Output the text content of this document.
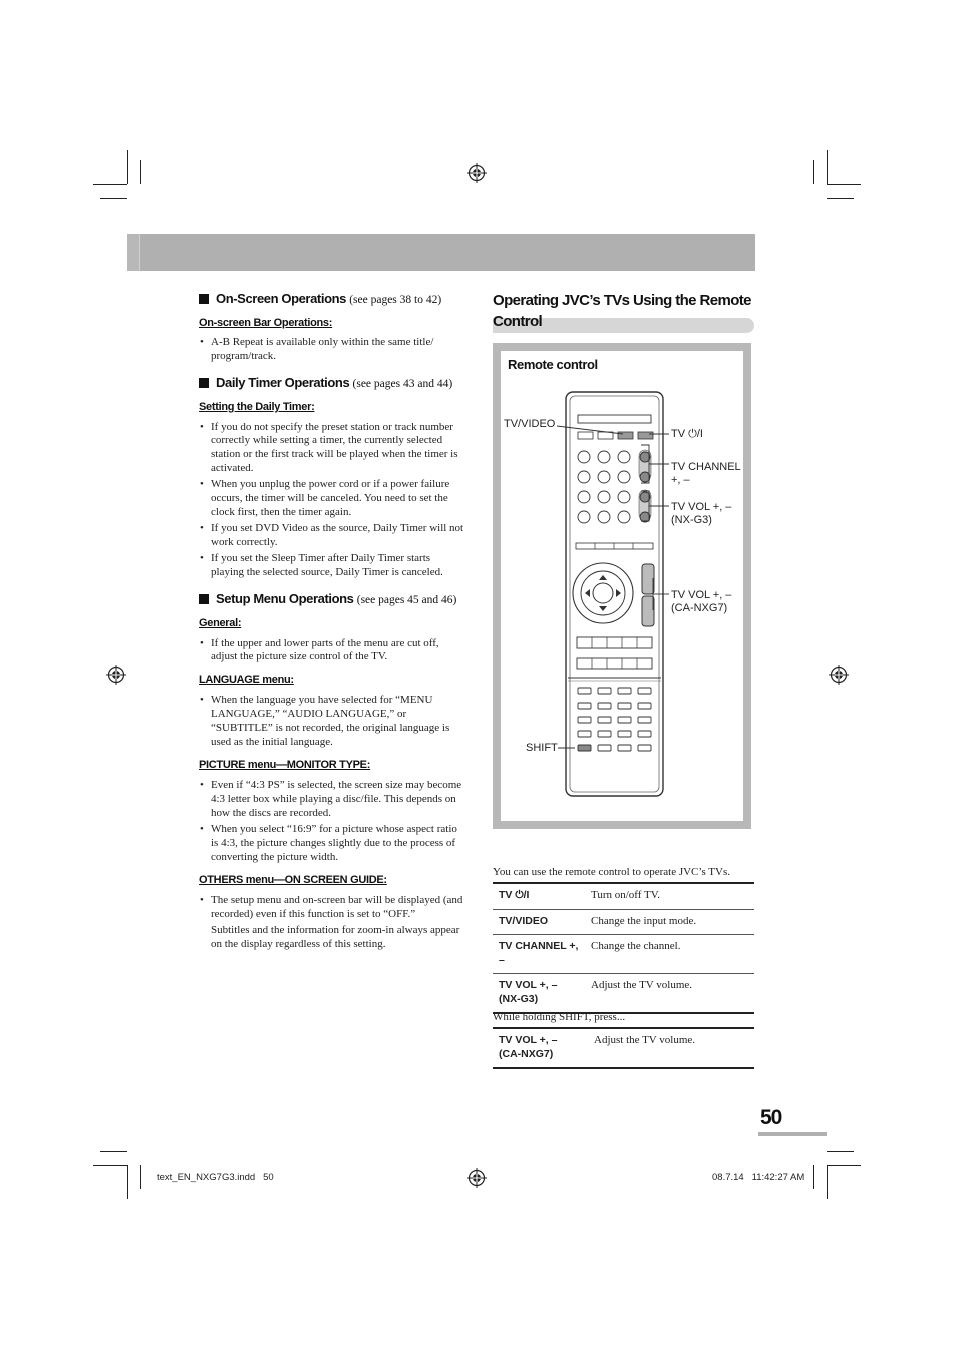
On-Screen Operations (see pages 38 to 42)
On-screen Bar Operations:
• A-B Repeat is available only within the same title/ program/track.
Daily Timer Operations (see pages 43 and 44)
Setting the Daily Timer:
• If you do not specify the preset station or track number correctly while setting a timer, the currently selected station or the first track will be played when the timer is activated.
• When you unplug the power cord or if a power failure occurs, the timer will be canceled. You need to set the clock first, then the timer again.
• If you set DVD Video as the source, Daily Timer will not work correctly.
• If you set the Sleep Timer after Daily Timer starts playing the selected source, Daily Timer is canceled.
Setup Menu Operations (see pages 45 and 46)
General:
• If the upper and lower parts of the menu are cut off, adjust the picture size control of the TV.
LANGUAGE menu:
• When the language you have selected for “MENU LANGUAGE,” “AUDIO LANGUAGE,” or “SUBTITLE” is not recorded, the original language is used as the initial language.
PICTURE menu—MONITOR TYPE:
• Even if “4:3 PS” is selected, the screen size may become 4:3 letter box while playing a disc/file. This depends on how the discs are recorded.
• When you select “16:9” for a picture whose aspect ratio is 4:3, the picture changes slightly due to the process of converting the picture width.
OTHERS menu—ON SCREEN GUIDE:
• The setup menu and on-screen bar will be displayed (and recorded) even if this function is set to “OFF.”
Subtitles and the information for zoom-in always appear on the display regardless of this setting.
Operating JVC’s TVs Using the Remote Control
Remote control
TV/VIDEO
TV ⏻/I
TV CHANNEL
+, –
TV VOL +, –
(NX-G3)
TV VOL +, –
(CA-NXG7)
SHIFT
You can use the remote control to operate JVC’s TVs.
TV ⏻/I	Turn on/off TV.
TV/VIDEO	Change the input mode.
TV CHANNEL +, –	Change the channel.
TV VOL +, – (NX-G3)	Adjust the TV volume.
While holding SHIFT, press...
TV VOL +, – (CA-NXG7)	Adjust the TV volume.
50
text_EN_NXG7G3.indd   50	08.7.14   11:42:27 AM
